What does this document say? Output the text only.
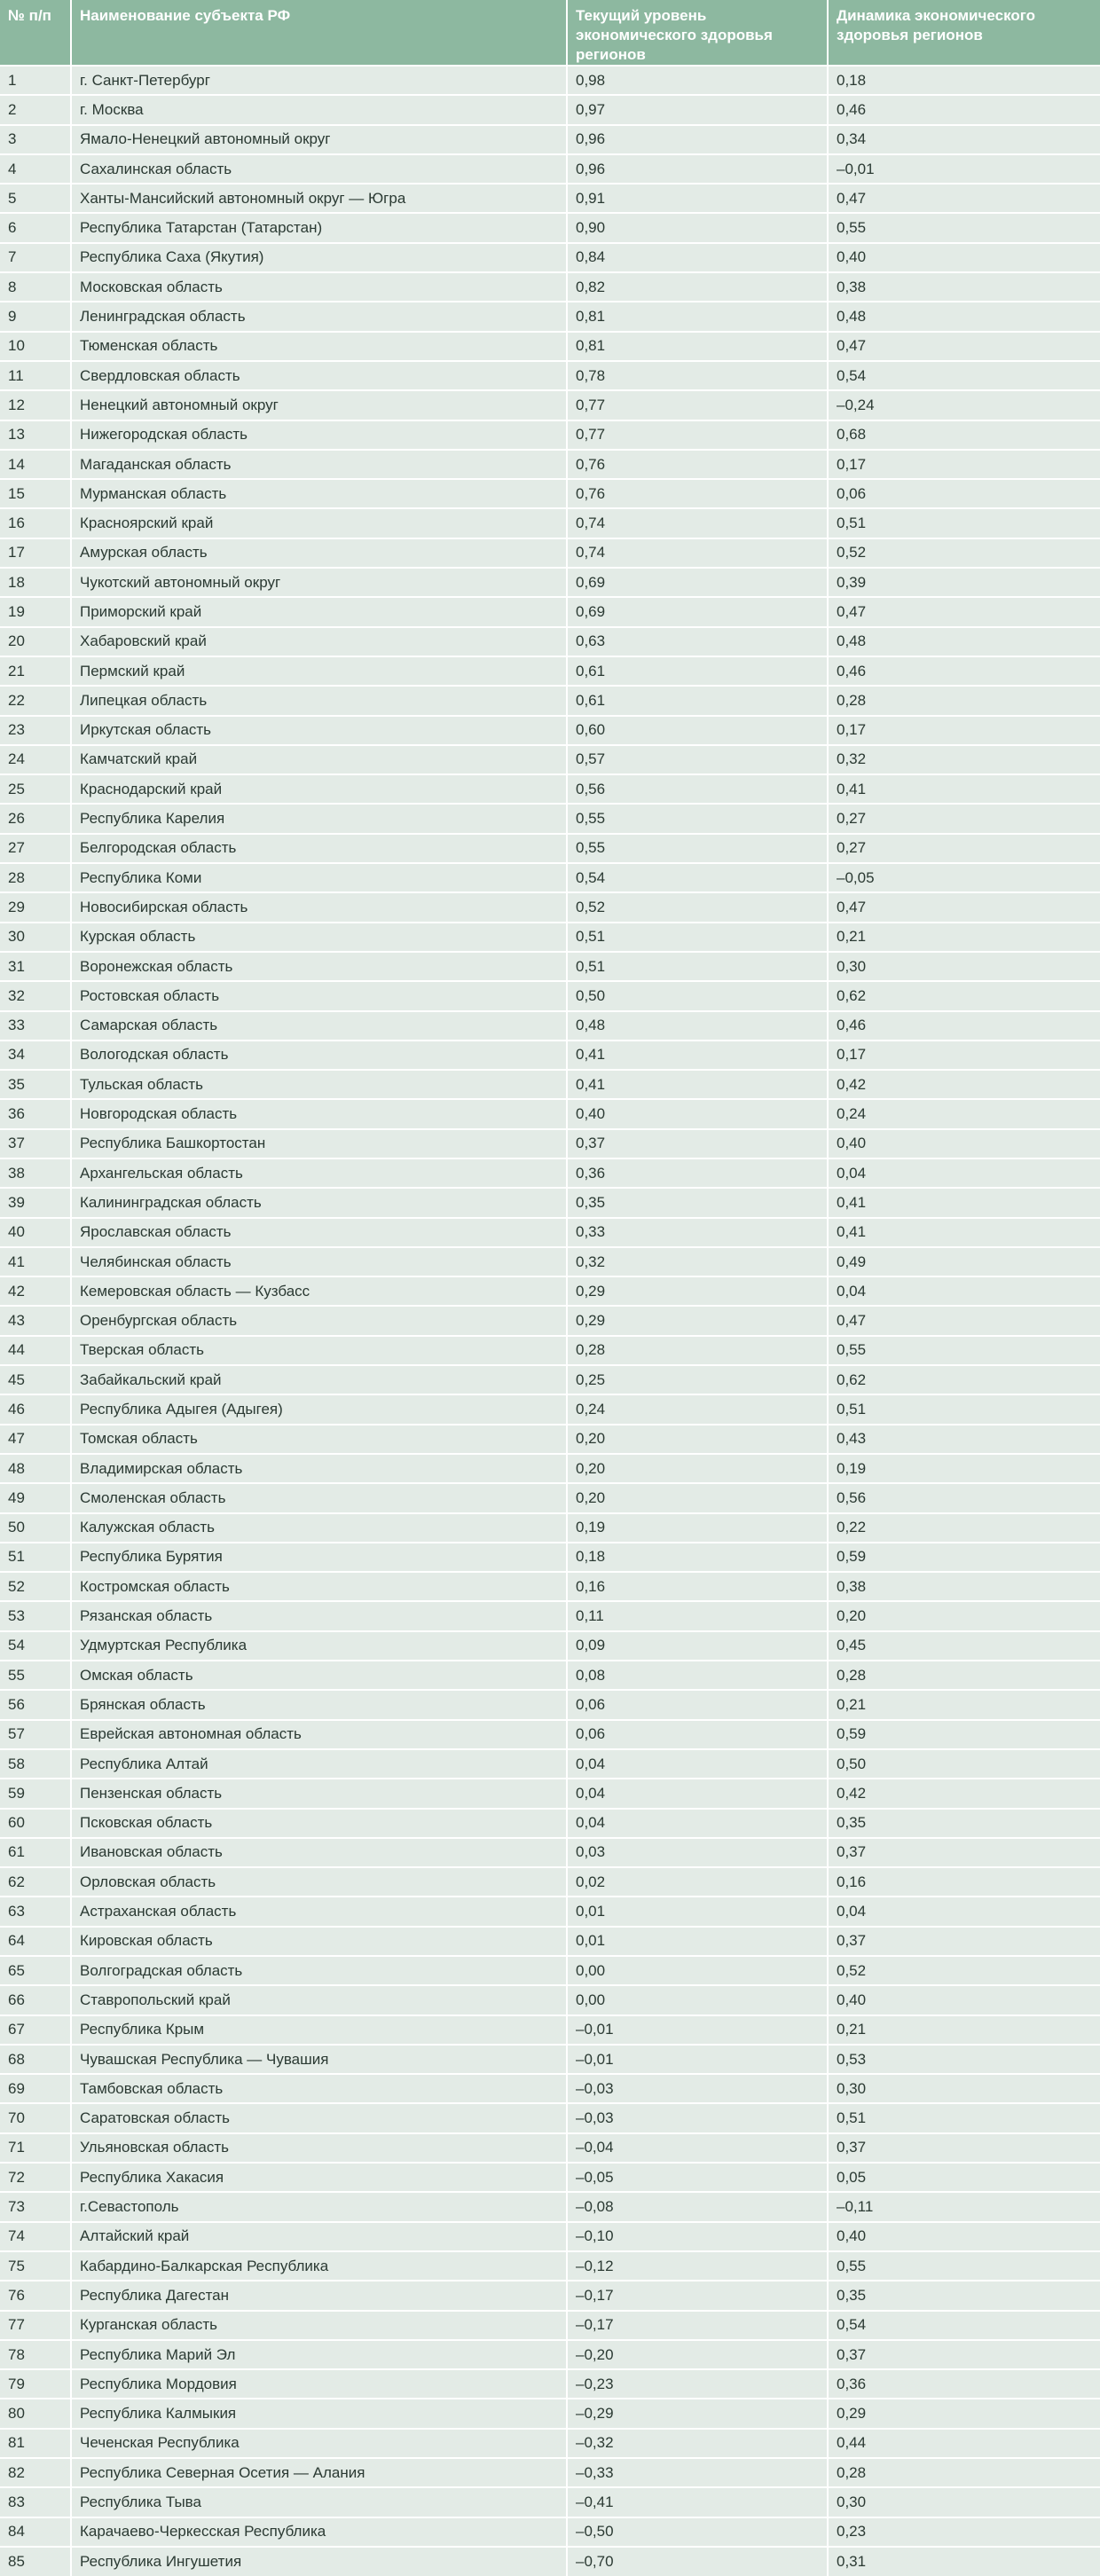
№ п/п	Наименование субъекта РФ	Текущий уровень экономического здоровья регионов	Динамика экономического здоровья регионов
1	г. Санкт-Петербург	0,98	0,18
2	г. Москва	0,97	0,46
3	Ямало-Ненецкий автономный округ	0,96	0,34
4	Сахалинская область	0,96	–0,01
5	Ханты-Мансийский автономный округ — Югра	0,91	0,47
6	Республика Татарстан (Татарстан)	0,90	0,55
7	Республика Саха (Якутия)	0,84	0,40
8	Московская область	0,82	0,38
9	Ленинградская область	0,81	0,48
10	Тюменская область	0,81	0,47
11	Свердловская область	0,78	0,54
12	Ненецкий автономный округ	0,77	–0,24
13	Нижегородская область	0,77	0,68
14	Магаданская область	0,76	0,17
15	Мурманская область	0,76	0,06
16	Красноярский край	0,74	0,51
17	Амурская область	0,74	0,52
18	Чукотский автономный округ	0,69	0,39
19	Приморский край	0,69	0,47
20	Хабаровский край	0,63	0,48
21	Пермский край	0,61	0,46
22	Липецкая область	0,61	0,28
23	Иркутская область	0,60	0,17
24	Камчатский край	0,57	0,32
25	Краснодарский край	0,56	0,41
26	Республика Карелия	0,55	0,27
27	Белгородская область	0,55	0,27
28	Республика Коми	0,54	–0,05
29	Новосибирская область	0,52	0,47
30	Курская область	0,51	0,21
31	Воронежская область	0,51	0,30
32	Ростовская область	0,50	0,62
33	Самарская область	0,48	0,46
34	Вологодская область	0,41	0,17
35	Тульская область	0,41	0,42
36	Новгородская область	0,40	0,24
37	Республика Башкортостан	0,37	0,40
38	Архангельская область	0,36	0,04
39	Калининградская область	0,35	0,41
40	Ярославская область	0,33	0,41
41	Челябинская область	0,32	0,49
42	Кемеровская область — Кузбасс	0,29	0,04
43	Оренбургская область	0,29	0,47
44	Тверская область	0,28	0,55
45	Забайкальский край	0,25	0,62
46	Республика Адыгея (Адыгея)	0,24	0,51
47	Томская область	0,20	0,43
48	Владимирская область	0,20	0,19
49	Смоленская область	0,20	0,56
50	Калужская область	0,19	0,22
51	Республика Бурятия	0,18	0,59
52	Костромская область	0,16	0,38
53	Рязанская область	0,11	0,20
54	Удмуртская Республика	0,09	0,45
55	Омская область	0,08	0,28
56	Брянская область	0,06	0,21
57	Еврейская автономная область	0,06	0,59
58	Республика Алтай	0,04	0,50
59	Пензенская область	0,04	0,42
60	Псковская область	0,04	0,35
61	Ивановская область	0,03	0,37
62	Орловская область	0,02	0,16
63	Астраханская область	0,01	0,04
64	Кировская область	0,01	0,37
65	Волгоградская область	0,00	0,52
66	Ставропольский край	0,00	0,40
67	Республика Крым	–0,01	0,21
68	Чувашская Республика — Чувашия	–0,01	0,53
69	Тамбовская область	–0,03	0,30
70	Саратовская область	–0,03	0,51
71	Ульяновская область	–0,04	0,37
72	Республика Хакасия	–0,05	0,05
73	г.Севастополь	–0,08	–0,11
74	Алтайский край	–0,10	0,40
75	Кабардино-Балкарская Республика	–0,12	0,55
76	Республика Дагестан	–0,17	0,35
77	Курганская область	–0,17	0,54
78	Республика Марий Эл	–0,20	0,37
79	Республика Мордовия	–0,23	0,36
80	Республика Калмыкия	–0,29	0,29
81	Чеченская Республика	–0,32	0,44
82	Республика Северная Осетия — Алания	–0,33	0,28
83	Республика Тыва	–0,41	0,30
84	Карачаево-Черкесская Республика	–0,50	0,23
85	Республика Ингушетия	–0,70	0,31
